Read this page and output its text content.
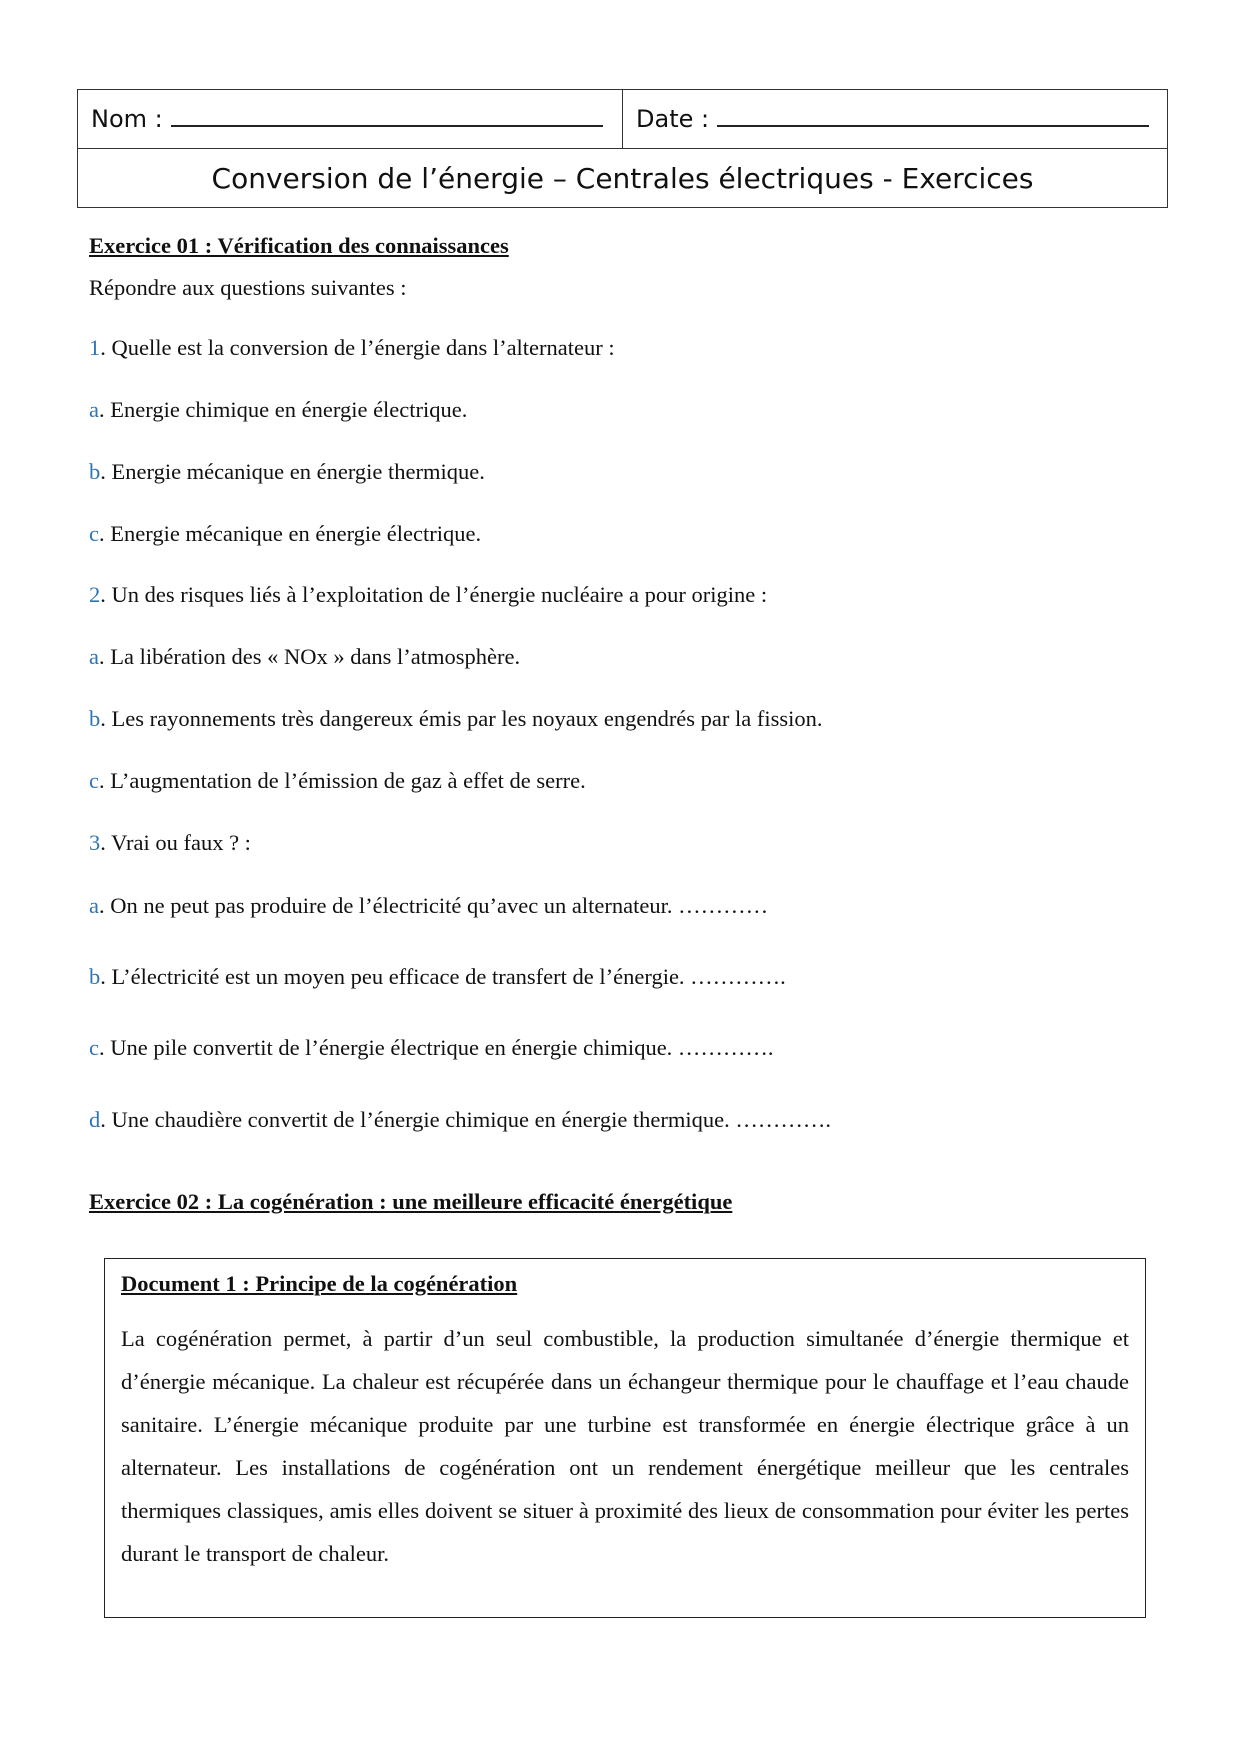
Nom :	Date :
Conversion de l’énergie – Centrales électriques - Exercices
Exercice 01 : Vérification des connaissances
Répondre aux questions suivantes :
1. Quelle est la conversion de l’énergie dans l’alternateur :
a. Energie chimique en énergie électrique.
b. Energie mécanique en énergie thermique.
c. Energie mécanique en énergie électrique.
2. Un des risques liés à l’exploitation de l’énergie nucléaire a pour origine :
a. La libération des « NOx » dans l’atmosphère.
b. Les rayonnements très dangereux émis par les noyaux engendrés par la fission.
c. L’augmentation de l’émission de gaz à effet de serre.
3. Vrai ou faux ? :
a. On ne peut pas produire de l’électricité qu’avec un alternateur. …………
b. L’électricité est un moyen peu efficace de transfert de l’énergie. ………….
c. Une pile convertit de l’énergie électrique en énergie chimique. ………….
d. Une chaudière convertit de l’énergie chimique en énergie thermique. ………….
Exercice 02 : La cogénération : une meilleure efficacité énergétique

Document 1 : Principe de la cogénération

La cogénération permet, à partir d’un seul combustible, la production simultanée d’énergie thermique et d’énergie mécanique. La chaleur est récupérée dans un échangeur thermique pour le chauffage et l’eau chaude sanitaire. L’énergie mécanique produite par une turbine est transformée en énergie électrique grâce à un alternateur. Les installations de cogénération ont un rendement énergétique meilleur que les centrales thermiques classiques, amis elles doivent se situer à proximité des lieux de consommation pour éviter les pertes durant le transport de chaleur.
